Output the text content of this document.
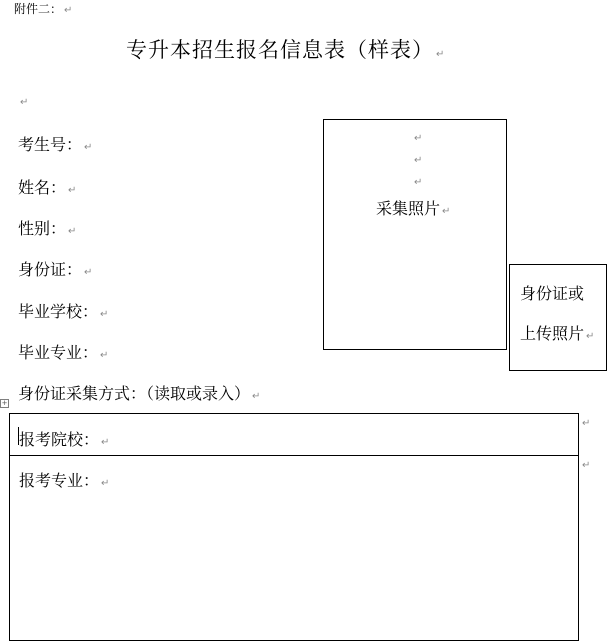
附件二： ↵
专升本招生报名信息表（样表） ↵
↵
考生号： ↵
姓名： ↵
性别： ↵
身份证： ↵
毕业学校： ↵
毕业专业： ↵
身份证采集方式：（读取或录入） ↵
↵
↵
↵
采集照片 ↵
身份证或
上传照片 ↵
+
报考院校： ↵
报考专业： ↵
↵
↵
